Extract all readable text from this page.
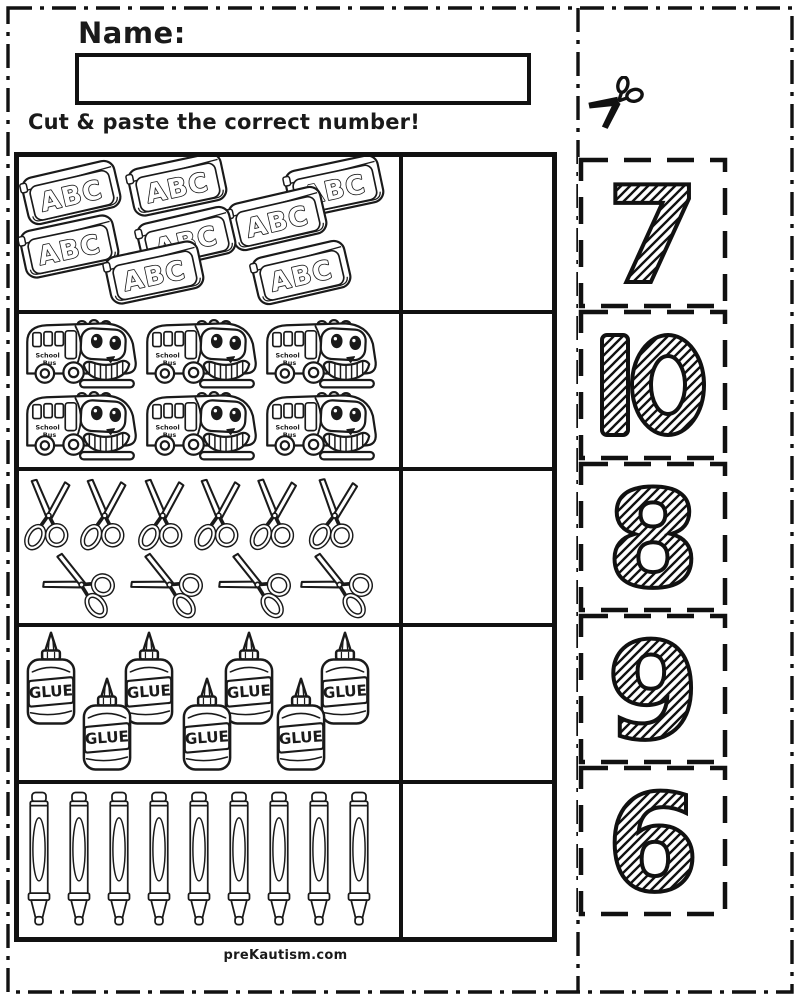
Name:
Cut & paste the correct number!
preKautism.com
7
8
9
6
